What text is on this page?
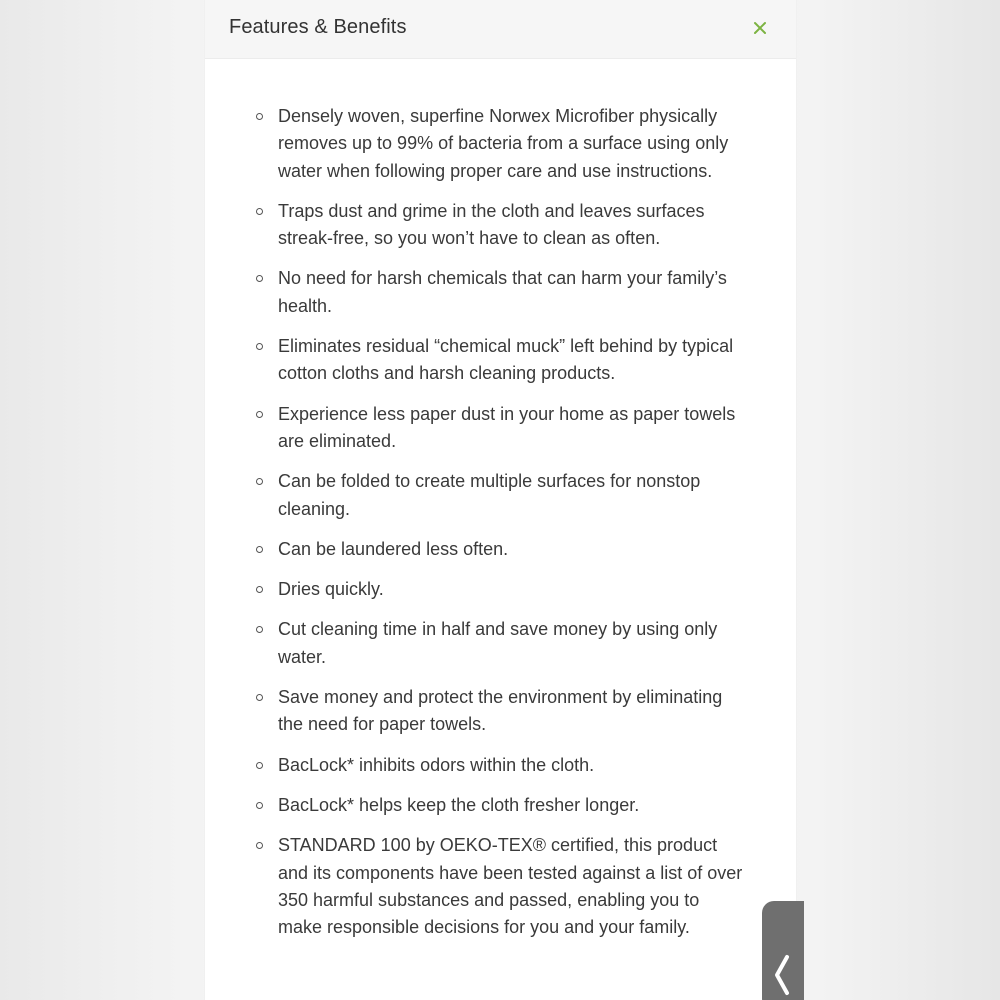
Features & Benefits
Densely woven, superfine Norwex Microfiber physically removes up to 99% of bacteria from a surface using only water when following proper care and use instructions.
Traps dust and grime in the cloth and leaves surfaces streak-free, so you won’t have to clean as often.
No need for harsh chemicals that can harm your family’s health.
Eliminates residual “chemical muck” left behind by typical cotton cloths and harsh cleaning products.
Experience less paper dust in your home as paper towels are eliminated.
Can be folded to create multiple surfaces for nonstop cleaning.
Can be laundered less often.
Dries quickly.
Cut cleaning time in half and save money by using only water.
Save money and protect the environment by eliminating the need for paper towels.
BacLock* inhibits odors within the cloth.
BacLock* helps keep the cloth fresher longer.
STANDARD 100 by OEKO-TEX® certified, this product and its components have been tested against a list of over 350 harmful substances and passed, enabling you to make responsible decisions for you and your family.
